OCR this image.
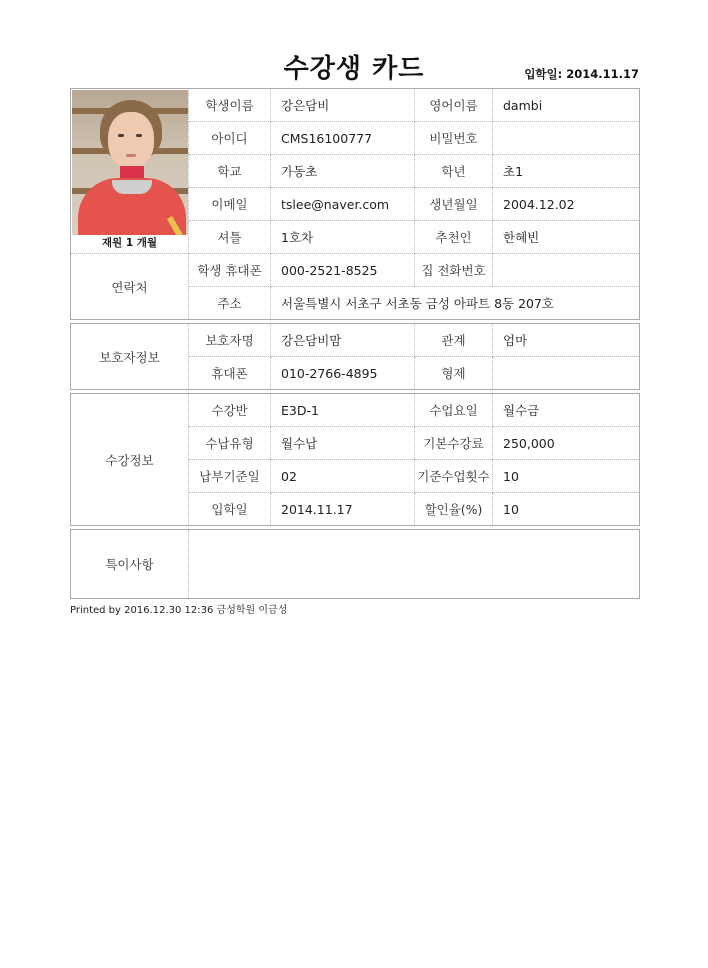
수강생 카드	입학일: 2014.11.17
재원 1 개월	학생이름	강은담비	영어이름	dambi
	아이디	CMS16100777	비밀번호	
	학교	가동초	학년	초1
	이메일	tslee@naver.com	생년월일	2004.12.02
	셔틀	1호차	추천인	한혜빈
연락처	학생 휴대폰	000-2521-8525	집 전화번호	
	주소	서울특별시 서초구 서초동 금성 아파트 8동 207호		
보호자정보	보호자명	강은담비맘	관계	엄마
	휴대폰	010-2766-4895	형제	
수강정보	수강반	E3D-1	수업요일	월수금
	수납유형	월수납	기본수강료	250,000
	납부기준일	02	기준수업횟수	10
	입학일	2014.11.17	할인율(%)	10
특이사항	
Printed by 2016.12.30 12:36 금성학원 이금성
